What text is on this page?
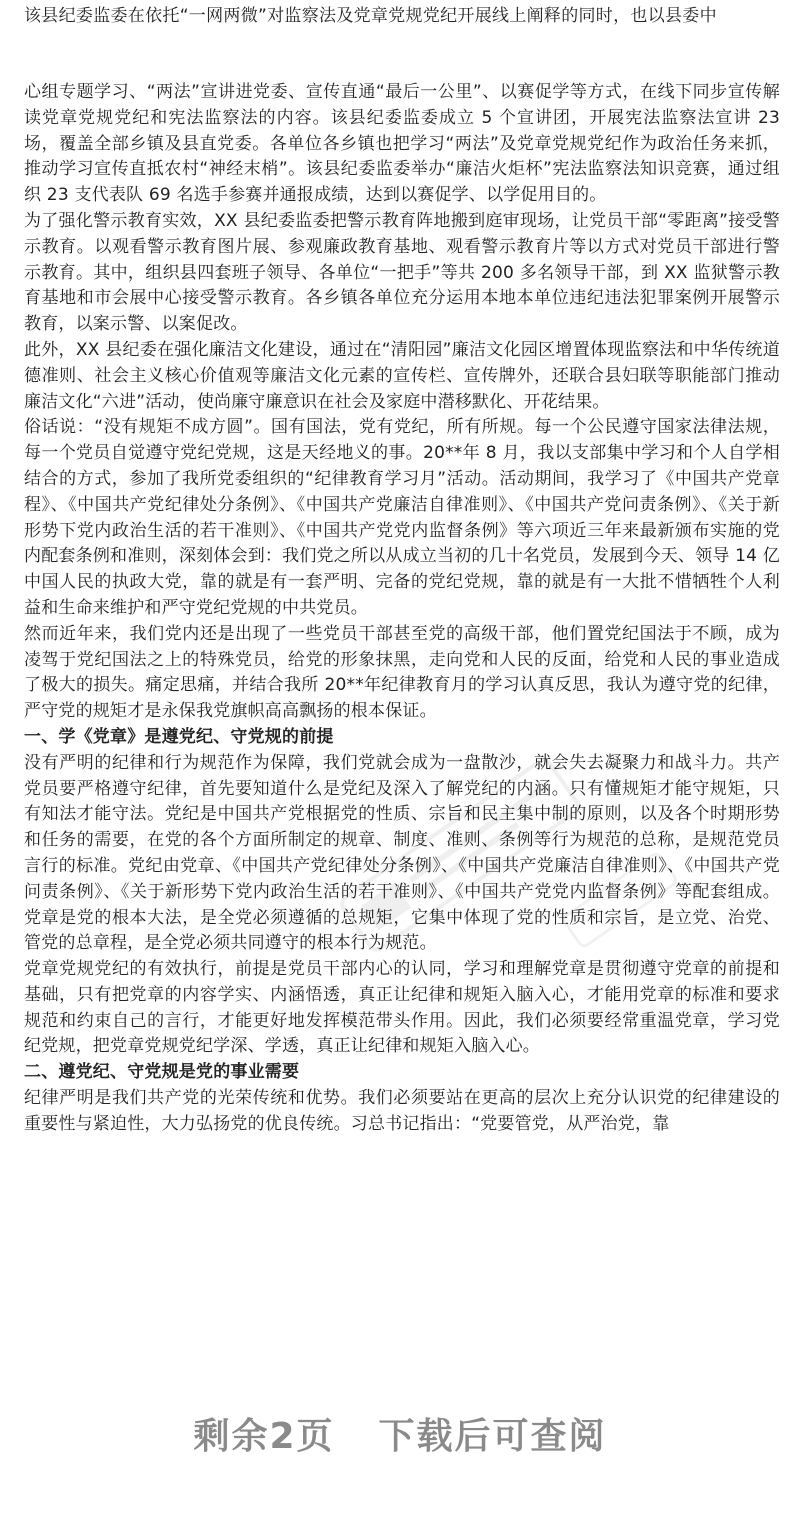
该县纪委监委在依托“一网两微”对监察法及党章党规党纪开展线上阐释的同时，也以县委中

心组专题学习、“两法”宣讲进党委、宣传直通“最后一公里”、以赛促学等方式，在线下同步宣传解读党章党规党纪和宪法监察法的内容。该县纪委监委成立 5 个宣讲团，开展宪法监察法宣讲 23 场，覆盖全部乡镇及县直党委。各单位各乡镇也把学习“两法”及党章党规党纪作为政治任务来抓，推动学习宣传直抵农村“神经末梢”。该县纪委监委举办“廉洁火炬杯”宪法监察法知识竞赛，通过组织 23 支代表队 69 名选手参赛并通报成绩，达到以赛促学、以学促用目的。

为了强化警示教育实效，XX 县纪委监委把警示教育阵地搬到庭审现场，让党员干部“零距离”接受警示教育。以观看警示教育图片展、参观廉政教育基地、观看警示教育片等以方式对党员干部进行警示教育。其中，组织县四套班子领导、各单位“一把手”等共 200 多名领导干部，到 XX 监狱警示教育基地和市会展中心接受警示教育。各乡镇各单位充分运用本地本单位违纪违法犯罪案例开展警示教育，以案示警、以案促改。

此外，XX 县纪委在强化廉洁文化建设，通过在“清阳园”廉洁文化园区增置体现监察法和中华传统道德准则、社会主义核心价值观等廉洁文化元素的宣传栏、宣传牌外，还联合县妇联等职能部门推动廉洁文化“六进”活动，使尚廉守廉意识在社会及家庭中潜移默化、开花结果。

俗话说：“没有规矩不成方圆”。国有国法，党有党纪，所有所规。每一个公民遵守国家法律法规，每一个党员自觉遵守党纪党规，这是天经地义的事。20**年 8 月，我以支部集中学习和个人自学相结合的方式，参加了我所党委组织的“纪律教育学习月”活动。活动期间，我学习了《中国共产党章程》、《中国共产党纪律处分条例》、《中国共产党廉洁自律准则》、《中国共产党问责条例》、《关于新形势下党内政治生活的若干准则》、《中国共产党党内监督条例》等六项近三年来最新颁布实施的党内配套条例和准则，深刻体会到：我们党之所以从成立当初的几十名党员，发展到今天、领导 14 亿中国人民的执政大党，靠的就是有一套严明、完备的党纪党规，靠的就是有一大批不惜牺牲个人利益和生命来维护和严守党纪党规的中共党员。

然而近年来，我们党内还是出现了一些党员干部甚至党的高级干部，他们置党纪国法于不顾，成为凌驾于党纪国法之上的特殊党员，给党的形象抹黑，走向党和人民的反面，给党和人民的事业造成了极大的损失。痛定思痛，并结合我所 20**年纪律教育月的学习认真反思，我认为遵守党的纪律，严守党的规矩才是永保我党旗帜高高飘扬的根本保证。

一、学《党章》是遵党纪、守党规的前提

没有严明的纪律和行为规范作为保障，我们党就会成为一盘散沙，就会失去凝聚力和战斗力。共产党员要严格遵守纪律，首先要知道什么是党纪及深入了解党纪的内涵。只有懂规矩才能守规矩，只有知法才能守法。党纪是中国共产党根据党的性质、宗旨和民主集中制的原则，以及各个时期形势和任务的需要，在党的各个方面所制定的规章、制度、准则、条例等行为规范的总称，是规范党员言行的标准。党纪由党章、《中国共产党纪律处分条例》、《中国共产党廉洁自律准则》、《中国共产党问责条例》、《关于新形势下党内政治生活的若干准则》、《中国共产党党内监督条例》等配套组成。党章是党的根本大法，是全党必须遵循的总规矩，它集中体现了党的性质和宗旨，是立党、治党、管党的总章程，是全党必须共同遵守的根本行为规范。

党章党规党纪的有效执行，前提是党员干部内心的认同，学习和理解党章是贯彻遵守党章的前提和基础，只有把党章的内容学实、内涵悟透，真正让纪律和规矩入脑入心，才能用党章的标准和要求规范和约束自己的言行，才能更好地发挥模范带头作用。因此，我们必须要经常重温党章，学习党纪党规，把党章党规党纪学深、学透，真正让纪律和规矩入脑入心。

二、遵党纪、守党规是党的事业需要

纪律严明是我们共产党的光荣传统和优势。我们必须要站在更高的层次上充分认识党的纪律建设的重要性与紧迫性，大力弘扬党的优良传统。习总书记指出：“党要管党，从严治党，靠

剩余2页 下载后可查阅
